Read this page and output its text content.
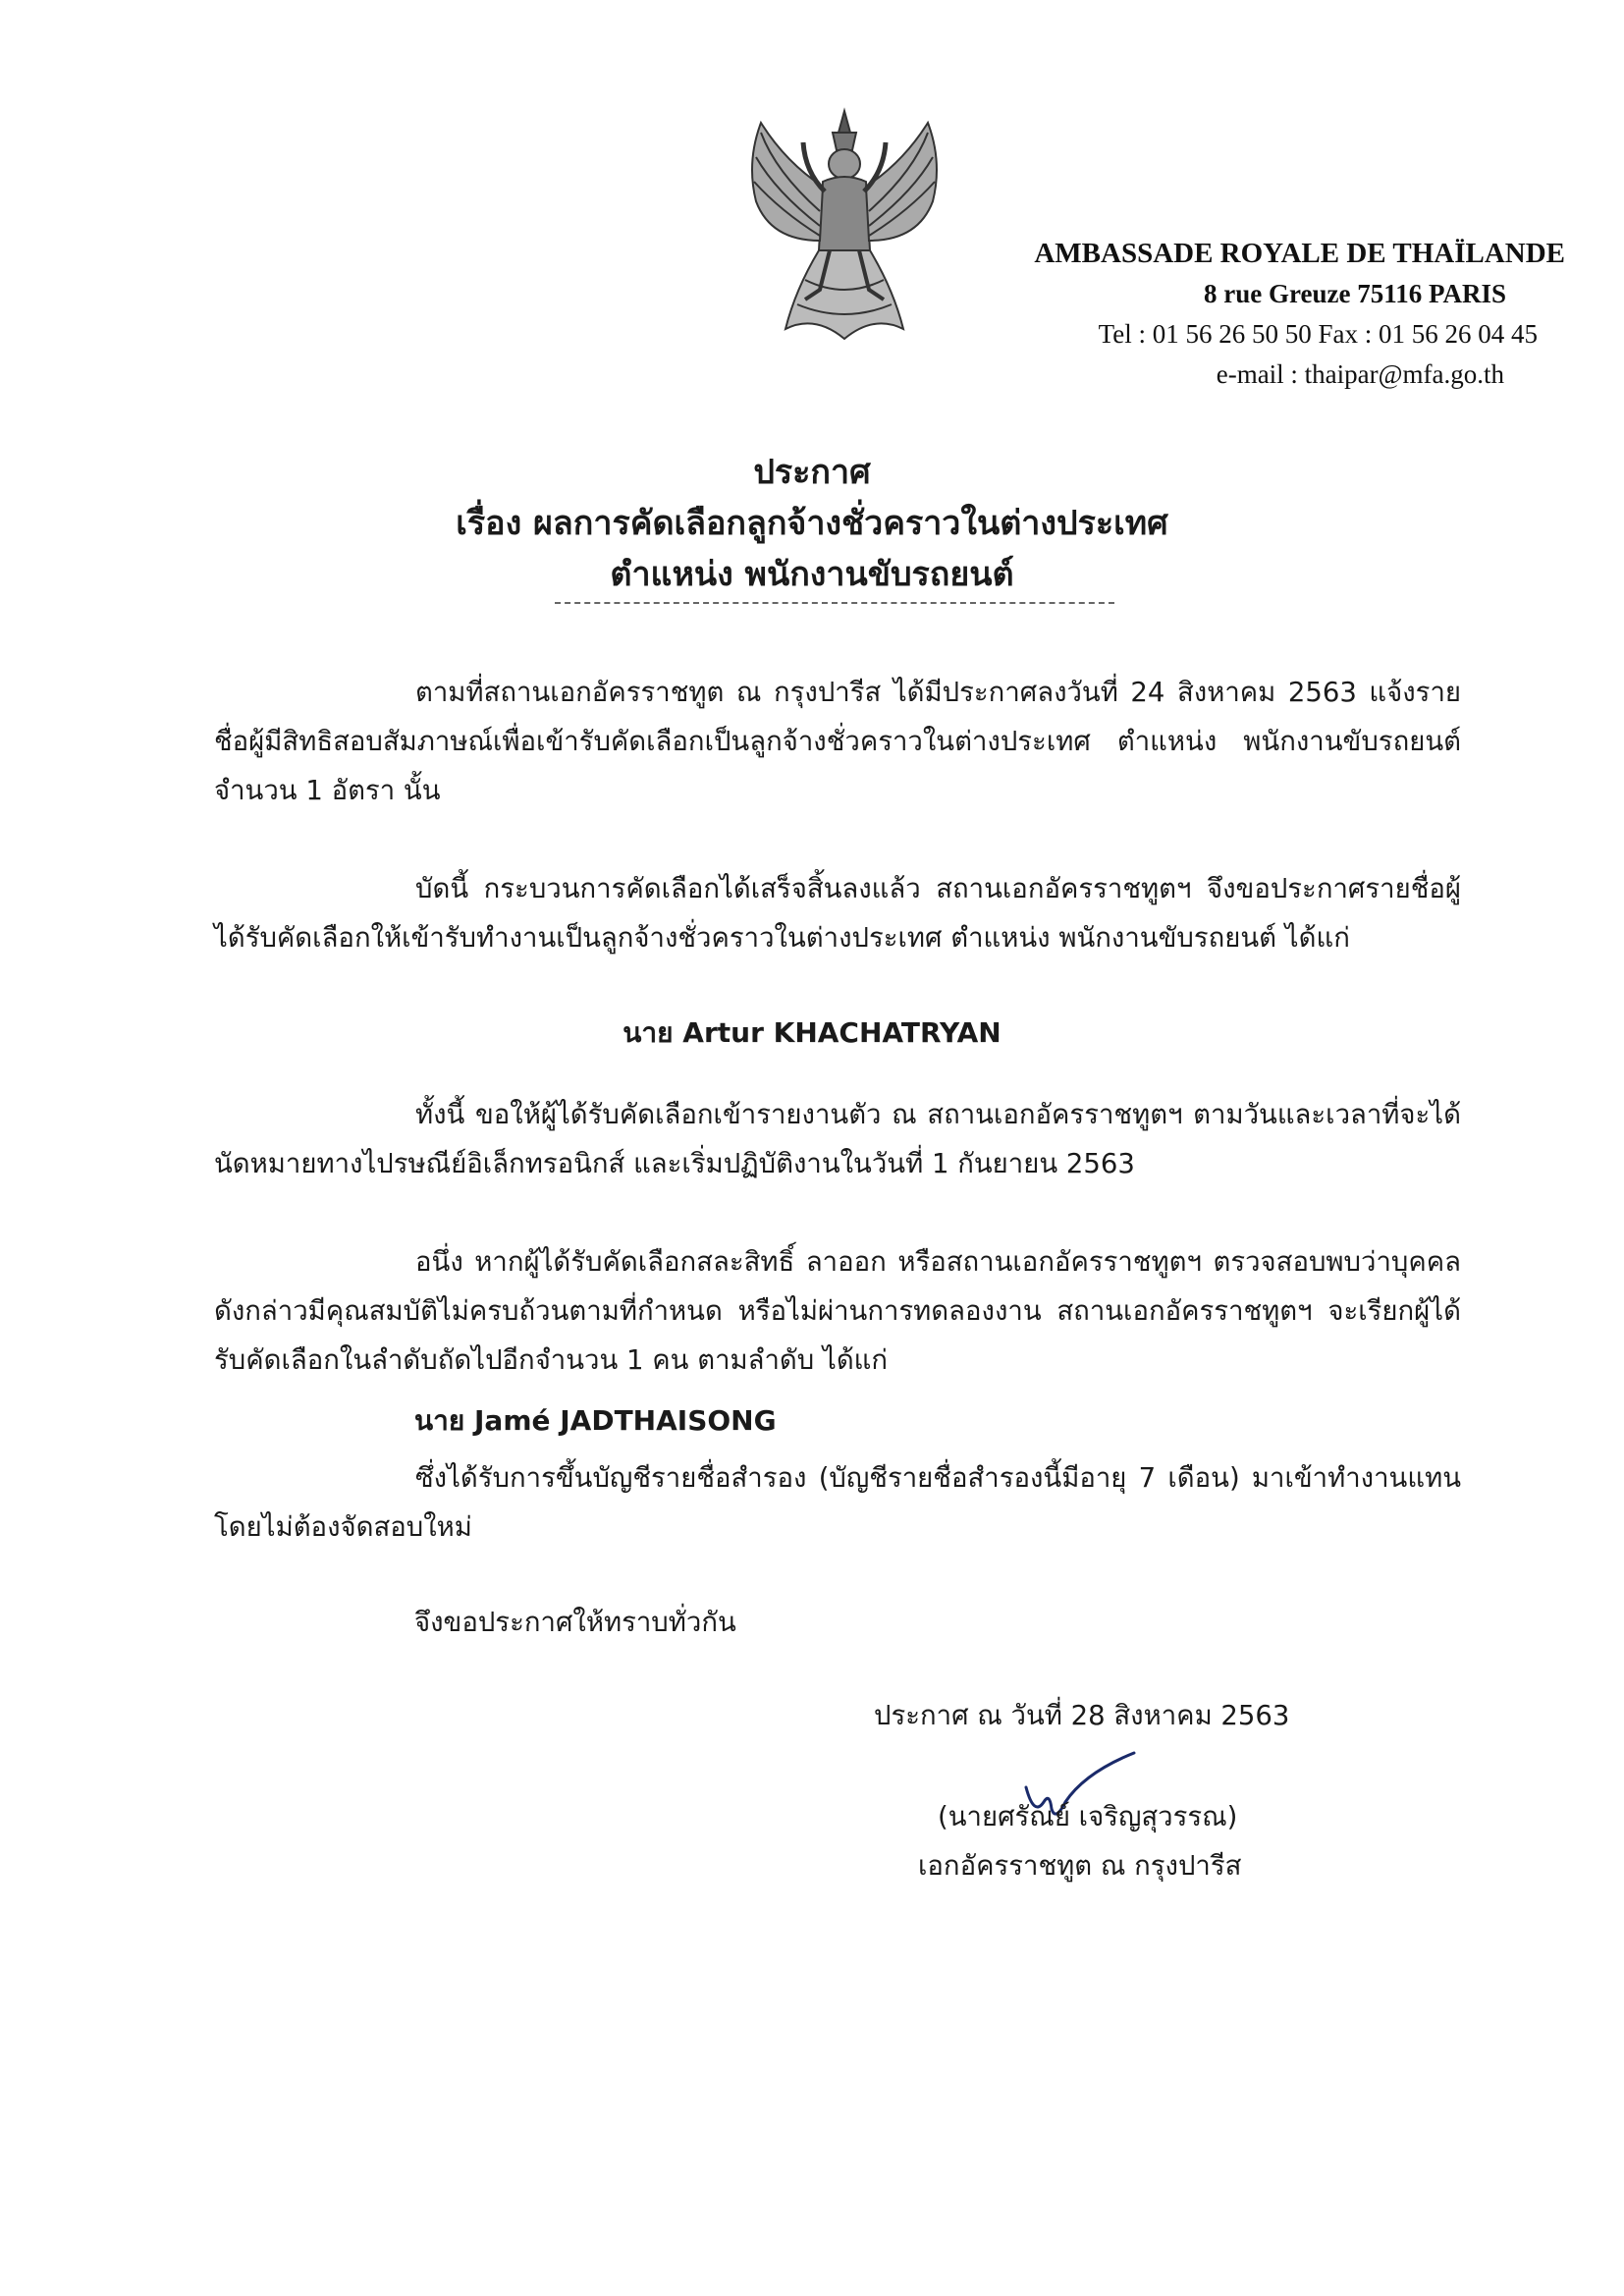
AMBASSADE ROYALE DE THAÏLANDE
8 rue Greuze 75116 PARIS
Tel : 01 56 26 50 50 Fax : 01 56 26 04 45
e-mail : thaipar@mfa.go.th
ประกาศ
เรื่อง ผลการคัดเลือกลูกจ้างชั่วคราวในต่างประเทศ
ตำแหน่ง พนักงานขับรถยนต์
ตามที่สถานเอกอัครราชทูต ณ กรุงปารีส ได้มีประกาศลงวันที่ 24 สิงหาคม 2563 แจ้งรายชื่อผู้มีสิทธิสอบสัมภาษณ์เพื่อเข้ารับคัดเลือกเป็นลูกจ้างชั่วคราวในต่างประเทศ ตำแหน่ง พนักงานขับรถยนต์ จำนวน 1 อัตรา นั้น
บัดนี้ กระบวนการคัดเลือกได้เสร็จสิ้นลงแล้ว สถานเอกอัครราชทูตฯ จึงขอประกาศรายชื่อผู้ได้รับคัดเลือกให้เข้ารับทำงานเป็นลูกจ้างชั่วคราวในต่างประเทศ ตำแหน่ง พนักงานขับรถยนต์ ได้แก่
นาย Artur KHACHATRYAN
ทั้งนี้ ขอให้ผู้ได้รับคัดเลือกเข้ารายงานตัว ณ สถานเอกอัครราชทูตฯ ตามวันและเวลาที่จะได้นัดหมายทางไปรษณีย์อิเล็กทรอนิกส์ และเริ่มปฏิบัติงานในวันที่ 1 กันยายน 2563
อนึ่ง หากผู้ได้รับคัดเลือกสละสิทธิ์ ลาออก หรือสถานเอกอัครราชทูตฯ ตรวจสอบพบว่าบุคคลดังกล่าวมีคุณสมบัติไม่ครบถ้วนตามที่กำหนด หรือไม่ผ่านการทดลองงาน สถานเอกอัครราชทูตฯ จะเรียกผู้ได้รับคัดเลือกในลำดับถัดไปอีกจำนวน 1 คน ตามลำดับ ได้แก่
นาย Jamé JADTHAISONG
ซึ่งได้รับการขึ้นบัญชีรายชื่อสำรอง (บัญชีรายชื่อสำรองนี้มีอายุ 7 เดือน) มาเข้าทำงานแทนโดยไม่ต้องจัดสอบใหม่
จึงขอประกาศให้ทราบทั่วกัน
ประกาศ ณ วันที่ 28 สิงหาคม 2563
(นายศรัณย์ เจริญสุวรรณ)
เอกอัครราชทูต ณ กรุงปารีส
